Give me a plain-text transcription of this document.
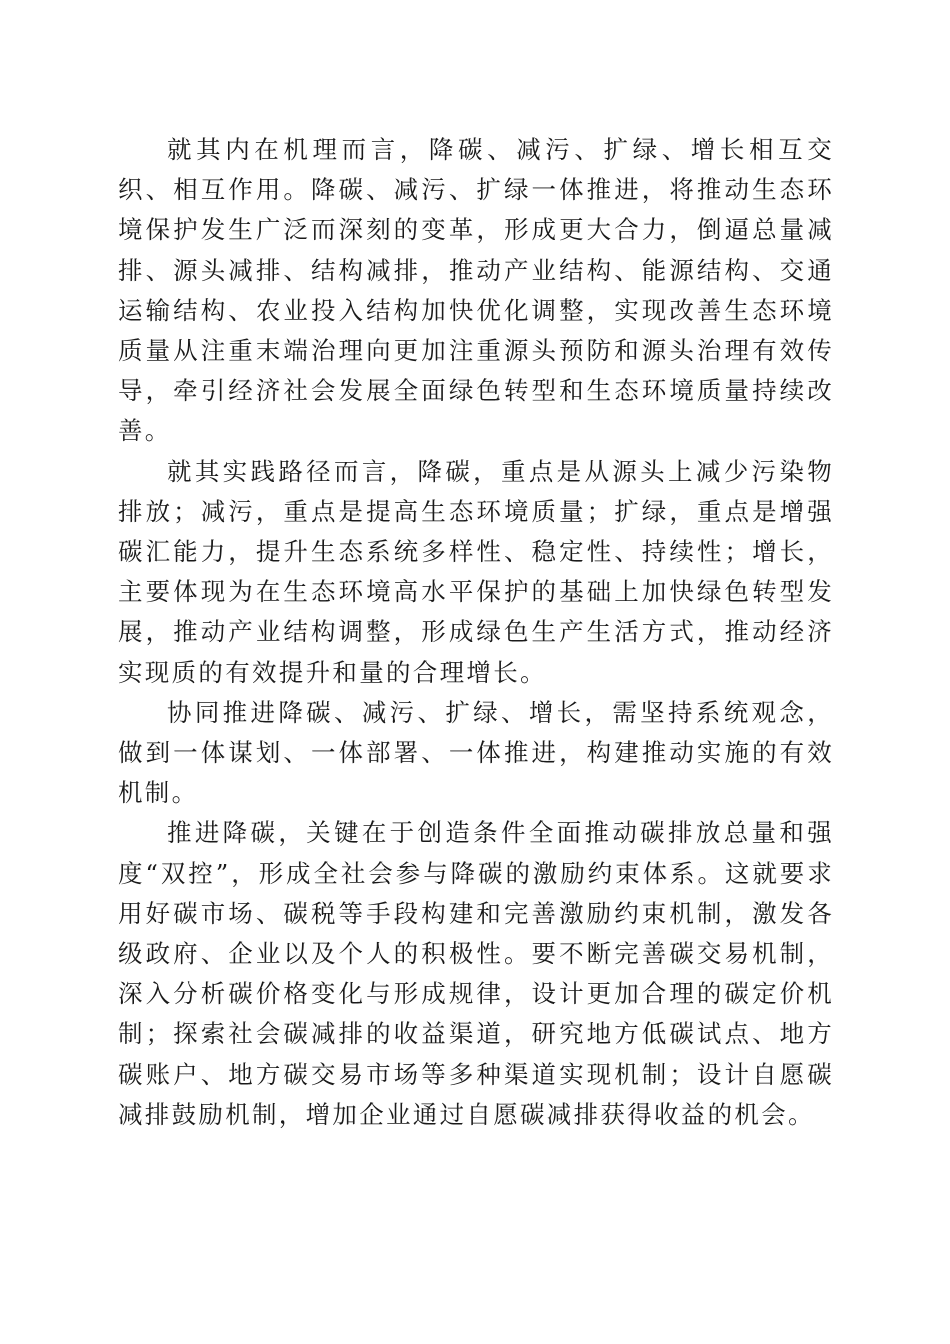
就其内在机理而言，降碳、减污、扩绿、增长相互交织、相互作用。降碳、减污、扩绿一体推进，将推动生态环境保护发生广泛而深刻的变革，形成更大合力，倒逼总量减排、源头减排、结构减排，推动产业结构、能源结构、交通运输结构、农业投入结构加快优化调整，实现改善生态环境质量从注重末端治理向更加注重源头预防和源头治理有效传导，牵引经济社会发展全面绿色转型和生态环境质量持续改善。

就其实践路径而言，降碳，重点是从源头上减少污染物排放；减污，重点是提高生态环境质量；扩绿，重点是增强碳汇能力，提升生态系统多样性、稳定性、持续性；增长，主要体现为在生态环境高水平保护的基础上加快绿色转型发展，推动产业结构调整，形成绿色生产生活方式，推动经济实现质的有效提升和量的合理增长。

协同推进降碳、减污、扩绿、增长，需坚持系统观念，做到一体谋划、一体部署、一体推进，构建推动实施的有效机制。

推进降碳，关键在于创造条件全面推动碳排放总量和强度“双控”，形成全社会参与降碳的激励约束体系。这就要求用好碳市场、碳税等手段构建和完善激励约束机制，激发各级政府、企业以及个人的积极性。要不断完善碳交易机制，深入分析碳价格变化与形成规律，设计更加合理的碳定价机制；探索社会碳减排的收益渠道，研究地方低碳试点、地方碳账户、地方碳交易市场等多种渠道实现机制；设计自愿碳减排鼓励机制，增加企业通过自愿碳减排获得收益的机会。
